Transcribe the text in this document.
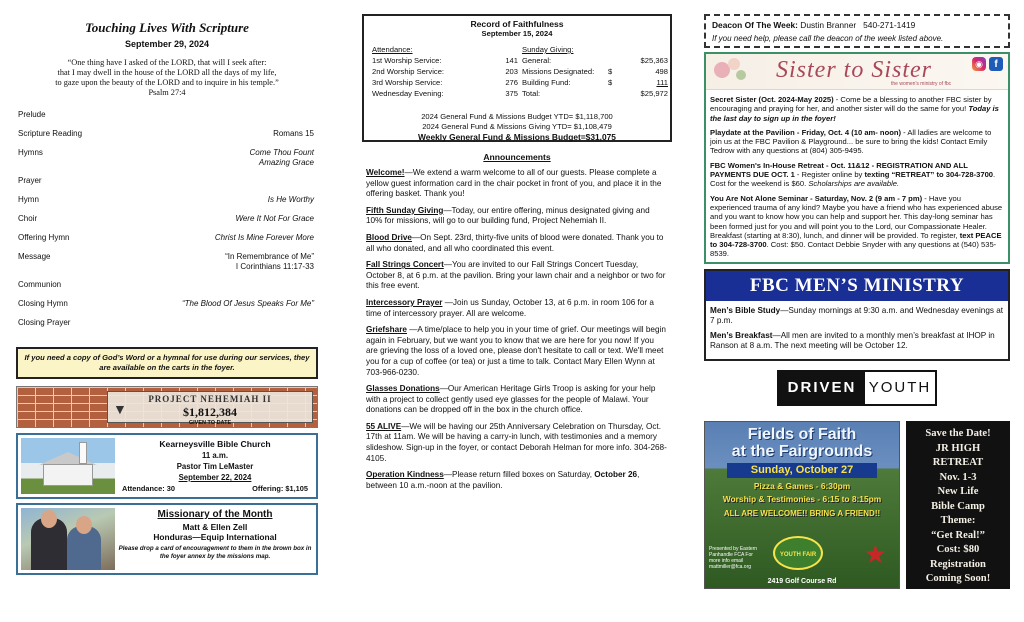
Touching Lives With Scripture
September 29, 2024
“One thing have I asked of the LORD, that will I seek after:
that I may dwell in the house of the LORD all the days of my life,
to gaze upon the beauty of the LORD and to inquire in his temple.”
Psalm 27:4
Prelude
Scripture Reading	Romans 15
Hymns	Come Thou Fount
Amazing Grace
Prayer
Hymn	Is He Worthy
Choir	Were It Not For Grace
Offering Hymn	Christ Is Mine Forever More
Message	“In Remembrance of Me”
I Corinthians 11:17-33
Communion
Closing Hymn	“The Blood Of Jesus Speaks For Me”
Closing Prayer
If you need a copy of God’s Word or a hymnal for use during our services, they are available on the carts in the foyer.
PROJECT NEHEMIAH II
$1,812,384
GIVEN TO DATE
▼
Kearneysville Bible Church
11 a.m.
Pastor Tim LeMaster
September 22, 2024
Attendance: 30	Offering: $1,105
Missionary of the Month
Matt & Ellen Zell
Honduras—Equip International
Please drop a card of encouragement to them in the brown box in the foyer annex by the missions map.
Record of Faithfulness
September 15, 2024
Attendance:
1st Worship Service:	141
2nd Worship Service:	203
3rd Worship Service:	276
Wednesday Evening:	375
Sunday Giving:
General:	$25,363
Missions Designated:	$	498
Building Fund:	$	111
Total:	$25,972
2024 General Fund & Missions Budget YTD= $1,118,700
2024 General Fund & Missions Giving YTD= $1,108,479
Weekly General Fund & Missions Budget=$31,075
Announcements
Welcome!—We extend a warm welcome to all of our guests. Please complete a yellow guest information card in the chair pocket in front of you, and place it in the offering basket. Thank you!
Fifth Sunday Giving—Today, our entire offering, minus designated giving and 10% for missions, will go to our building fund, Project Nehemiah II.
Blood Drive—On Sept. 23rd, thirty-five units of blood were donated. Thank you to all who donated, and all who coordinated this event.
Fall Strings Concert—You are invited to our Fall Strings Concert Tuesday, October 8, at 6 p.m. at the pavilion. Bring your lawn chair and a neighbor or two for this free event.
Intercessory Prayer —Join us Sunday, October 13, at 6 p.m. in room 106 for a time of intercessory prayer. All are welcome.
Griefshare —A time/place to help you in your time of grief. Our meetings will begin again in February, but we want you to know that we are here for you now! If you are grieving the loss of a loved one, please don't hesitate to call or text. We'll meet you for a cup of coffee (or tea) or just a time to talk. Contact Mary Ellen Wynn at 703-966-0230.
Glasses Donations—Our American Heritage Girls Troop is asking for your help with a project to collect gently used eye glasses for the people of Malawi. Your donations can be dropped off in the box in the church office.
55 ALIVE—We will be having our 25th Anniversary Celebration on Thursday, Oct. 17th at 11am. We will be having a carry-in lunch, with testimonies and a memory slideshow. Sign-up in the foyer, or contact Deborah Helman for more info. 304-268-4105.
Operation Kindness—Please return filled boxes on Saturday, October 26, between 10 a.m.-noon at the pavilion.
Deacon Of The Week: Dustin Branner 540-271-1419
If you need help, please call the deacon of the week listed above.
Sister to Sister
the women's ministry of fbc
◉	f

Secret Sister (Oct. 2024-May 2025) - Come be a blessing to another FBC sister by encouraging and praying for her, and another sister will do the same for you! Today is the last day to sign up in the foyer!

Playdate at the Pavilion - Friday, Oct. 4 (10 am- noon) - All ladies are welcome to join us at the FBC Pavilion & Playground... be sure to bring the kids! Contact Emily Tedrow with any questions at (804) 305-9495.

FBC Women's In-House Retreat - Oct. 11&12 - REGISTRATION AND ALL PAYMENTS DUE OCT. 1 - Register online by texting “RETREAT” to 304-728-3700. Cost for the weekend is $60. Scholarships are available.

You Are Not Alone Seminar - Saturday, Nov. 2 (9 am - 7 pm) - Have you experienced trauma of any kind? Maybe you have a friend who has experienced abuse and you want to know how you can help and support her. This day-long seminar has been formed just for you and will point you to the Lord, our Compassionate Healer. Breakfast (starting at 8:30), lunch, and dinner will be provided. To register, text PEACE to 304-728-3700. Cost: $50. Contact Debbie Snyder with any questions at (540) 535-8539.

FBC MEN’S MINISTRY

Men’s Bible Study—Sunday mornings at 9:30 a.m. and Wednesday evenings at 7 p.m.

Men’s Breakfast—All men are invited to a monthly men’s breakfast at IHOP in Ranson at 8 a.m. The next meeting will be October 12.

DRIVEN YOUTH
Fields of Faith
at the Fairgrounds
Sunday, October 27
Pizza & Games - 6:30pm
Worship & Testimonies - 6:15 to 8:15pm
ALL ARE WELCOME!! BRING A FRIEND!!
Presented by Eastern Panhandle FCA For more info email mattmiller@fca.org
YOUTH FAIR ★
2419 Golf Course Rd
Save the Date!
JR HIGH
RETREAT
Nov. 1-3
New Life
Bible Camp
Theme:
“Get Real!”
Cost: $80
Registration
Coming Soon!
